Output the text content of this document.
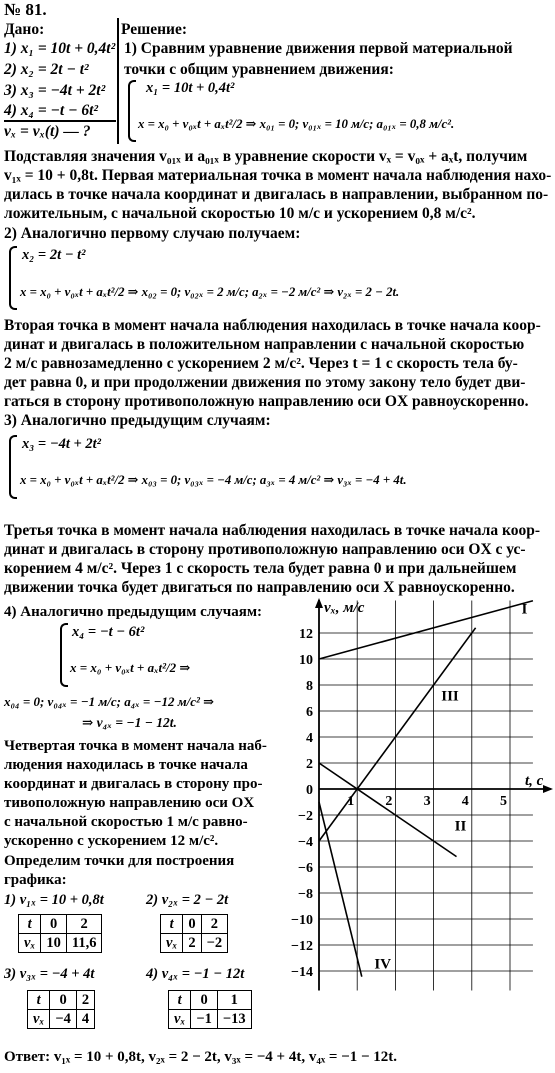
№ 81.
Дано:
1) x₁ = 10t + 0,4t²
2) x₂ = 2t − t²
3) x₃ = −4t + 2t²
4) x₄ = −t − 6t²
vₓ = vₓ(t) — ?
Решение:
1) Сравним уравнение движения первой материальной
точки с общим уравнением движения:
x₁ = 10t + 0,4t²
x = x₀ + v₀ₓt + aₓt²/2 ⇒ x₀₁ = 0; v₀₁ₓ = 10 м/с; a₀₁ₓ = 0,8 м/с².
Подставляя значения v₀₁ₓ и a₀₁ₓ в уравнение скорости vₓ = v₀ₓ + aₓt, получим
v₁ₓ = 10 + 0,8t. Первая материальная точка в момент начала наблюдения нахо-
дилась в точке начала координат и двигалась в направлении, выбранном по-
ложительным, с начальной скоростью 10 м/с и ускорением 0,8 м/с².
2) Аналогично первому случаю получаем:
x₂ = 2t − t²
x = x₀ + v₀ₓt + aₓt²/2 ⇒ x₀₂ = 0; v₀₂ₓ = 2 м/с; a₂ₓ = −2 м/с² ⇒ v₂ₓ = 2 − 2t.
Вторая точка в момент начала наблюдения находилась в точке начала коор-
динат и двигалась в положительном направлении с начальной скоростью
2 м/с равнозамедленно с ускорением 2 м/с². Через t = 1 с скорость тела бу-
дет равна 0, и при продолжении движения по этому закону тело будет дви-
гаться в сторону противоположную направлению оси OX равноускоренно.
3) Аналогично предыдущим случаям:
x₃ = −4t + 2t²
x = x₀ + v₀ₓt + aₓt²/2 ⇒ x₀₃ = 0; v₀₃ₓ = −4 м/с; a₃ₓ = 4 м/с² ⇒ v₃ₓ = −4 + 4t.
Третья точка в момент начала наблюдения находилась в точке начала коор-
динат и двигалась в сторону противоположную направлению оси OX с ус-
корением 4 м/с². Через 1 с скорость тела будет равна 0 и при дальнейшем
движении точка будет двигаться по направлению оси X равноускоренно.
4) Аналогично предыдущим случаям:
x₄ = −t − 6t²
x = x₀ + v₀ₓt + aₓt²/2 ⇒
x₀₄ = 0; v₀₄ₓ = −1 м/с; a₄ₓ = −12 м/с² ⇒
⇒ v₄ₓ = −1 − 12t.
Четвертая точка в момент начала наб-
людения находилась в точке начала
координат и двигалась в сторону про-
тивоположную направлению оси OX
с начальной скоростью 1 м/с равно-
ускоренно с ускорением 12 м/с².
Определим точки для построения
графика:
1) v₁ₓ = 10 + 0,8t	2) v₂ₓ = 2 − 2t
t	0	2
vₓ	10	11,6
t	0	2
vₓ	2	−2
3) v₃ₓ = −4 + 4t	4) v₄ₓ = −1 − 12t
t	0	2
vₓ	−4	4
t	0	1
vₓ	−1	−13
Ответ: v₁ₓ = 10 + 0,8t, v₂ₓ = 2 − 2t, v₃ₓ = −4 + 4t, v₄ₓ = −1 − 12t.
vₓ, м/с
t, с
12
10
8
6
4
2
0
−2
−4
−6
−8
−10
−12
−14
1 2 3 4 5
I
II
III
IV
